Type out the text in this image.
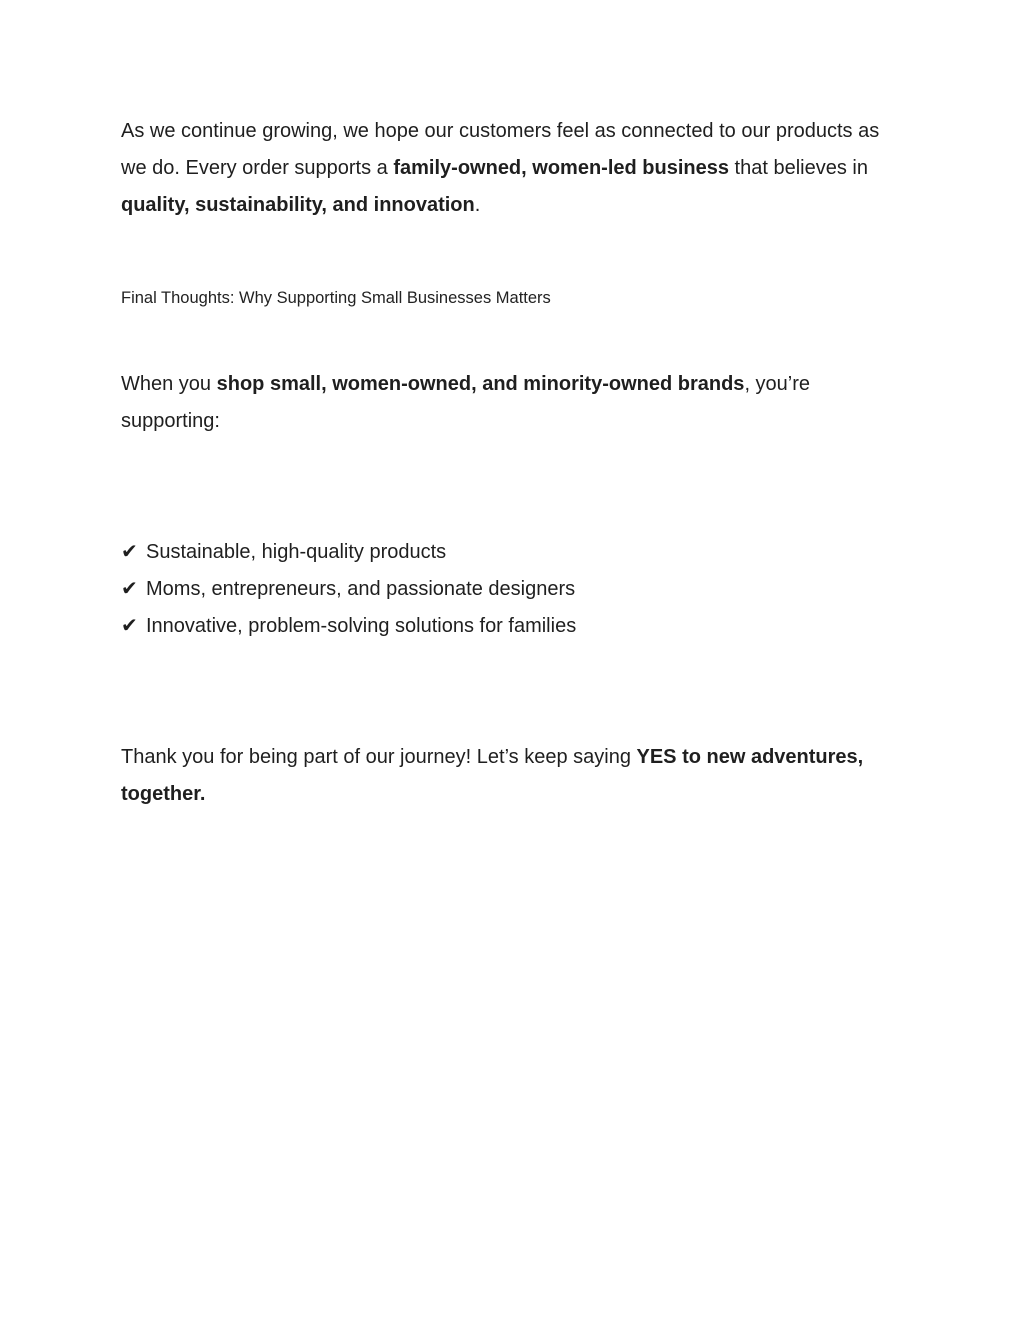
As we continue growing, we hope our customers feel as connected to our products as we do. Every order supports a family-owned, women-led business that believes in quality, sustainability, and innovation.

Final Thoughts: Why Supporting Small Businesses Matters

When you shop small, women-owned, and minority-owned brands, you’re supporting:

✔ Sustainable, high-quality products
✔ Moms, entrepreneurs, and passionate designers
✔ Innovative, problem-solving solutions for families

Thank you for being part of our journey! Let’s keep saying YES to new adventures, together.
